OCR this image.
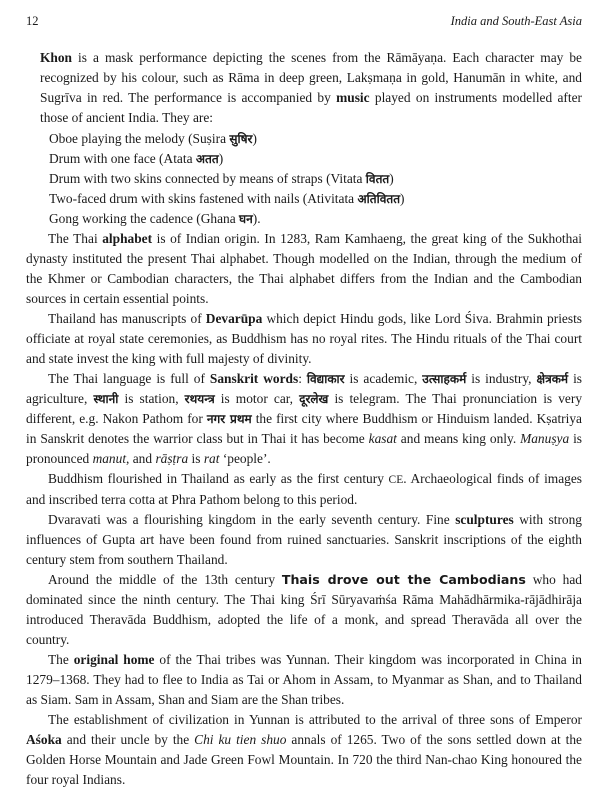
12	India and South-East Asia

Khon is a mask performance depicting the scenes from the Rāmāyaṇa. Each character may be recognized by his colour, such as Rāma in deep green, Lakṣmaṇa in gold, Hanumān in white, and Sugrīva in red. The performance is accompanied by music played on instruments modelled after those of ancient India. They are:

Oboe playing the melody (Suṣira सुषिर)
Drum with one face (Atata अतत)
Drum with two skins connected by means of straps (Vitata वितत)
Two-faced drum with skins fastened with nails (Ativitata अतिवितत)
Gong working the cadence (Ghana घन).

The Thai alphabet is of Indian origin. In 1283, Ram Kamhaeng, the great king of the Sukhothai dynasty instituted the present Thai alphabet. Though modelled on the Indian, through the medium of the Khmer or Cambodian characters, the Thai alphabet differs from the Indian and the Cambodian sources in certain essential points.

Thailand has manuscripts of Devarūpa which depict Hindu gods, like Lord Śiva. Brahmin priests officiate at royal state ceremonies, as Buddhism has no royal rites. The Hindu rituals of the Thai court and state invest the king with full majesty of divinity.

The Thai language is full of Sanskrit words: विद्याकार is academic, उत्साहकर्म is industry, क्षेत्रकर्म is agriculture, स्थानी is station, रथयन्त्र is motor car, दूरलेख is telegram. The Thai pronunciation is very different, e.g. Nakon Pathom for नगर प्रथम the first city where Buddhism or Hinduism landed. Kṣatriya in Sanskrit denotes the warrior class but in Thai it has become kasat and means king only. Manuṣya is pronounced manut, and rāṣṭra is rat ‘people’.

Buddhism flourished in Thailand as early as the first century CE. Archaeological finds of images and inscribed terra cotta at Phra Pathom belong to this period.

Dvaravati was a flourishing kingdom in the early seventh century. Fine sculptures with strong influences of Gupta art have been found from ruined sanctuaries. Sanskrit inscriptions of the eighth century stem from southern Thailand.

Around the middle of the 13th century Thais drove out the Cambodians who had dominated since the ninth century. The Thai king Śrī Sūryavaṁśa Rāma Mahādhārmika-rājādhirāja introduced Theravāda Buddhism, adopted the life of a monk, and spread Theravāda all over the country.

The original home of the Thai tribes was Yunnan. Their kingdom was incorporated in China in 1279–1368. They had to flee to India as Tai or Ahom in Assam, to Myanmar as Shan, and to Thailand as Siam. Sam in Assam, Shan and Siam are the Shan tribes.

The establishment of civilization in Yunnan is attributed to the arrival of three sons of Emperor Aśoka and their uncle by the Chi ku tien shuo annals of 1265. Two of the sons settled down at the Golden Horse Mountain and Jade Green Fowl Mountain. In 720 the third Nan-chao King honoured the four royal Indians.
